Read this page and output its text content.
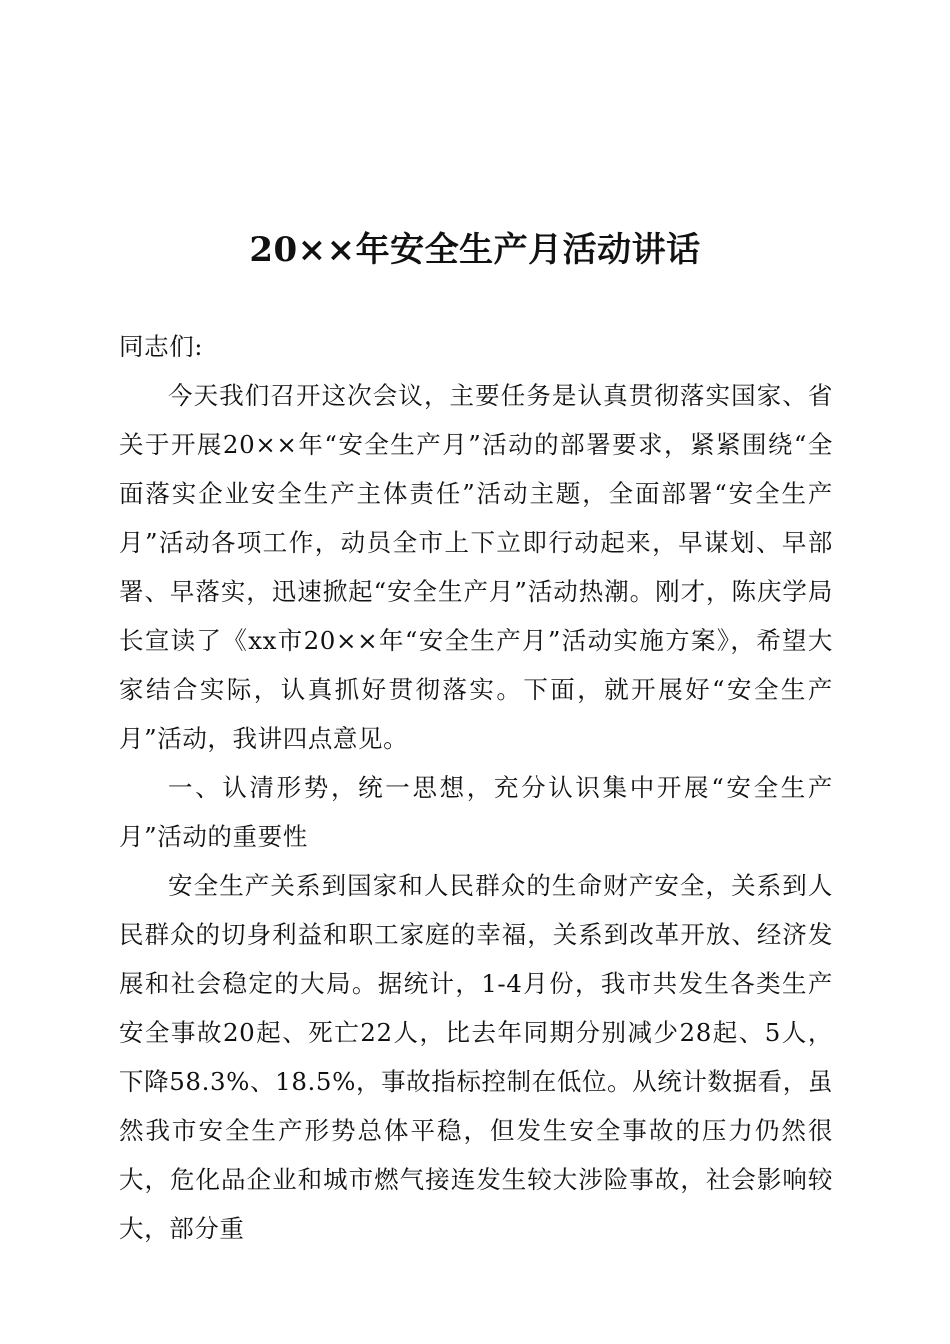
20××年安全生产月活动讲话

同志们:

今天我们召开这次会议，主要任务是认真贯彻落实国家、省关于开展20××年“安全生产月”活动的部署要求，紧紧围绕“全面落实企业安全生产主体责任”活动主题，全面部署“安全生产月”活动各项工作，动员全市上下立即行动起来，早谋划、早部署、早落实，迅速掀起“安全生产月”活动热潮。刚才，陈庆学局长宣读了《xx市20××年“安全生产月”活动实施方案》，希望大家结合实际，认真抓好贯彻落实。下面，就开展好“安全生产月”活动，我讲四点意见。

一、认清形势，统一思想，充分认识集中开展“安全生产月”活动的重要性

安全生产关系到国家和人民群众的生命财产安全，关系到人民群众的切身利益和职工家庭的幸福，关系到改革开放、经济发展和社会稳定的大局。据统计，1-4月份，我市共发生各类生产安全事故20起、死亡22人，比去年同期分别减少28起、5人，下降58.3%、18.5%，事故指标控制在低位。从统计数据看，虽然我市安全生产形势总体平稳，但发生安全事故的压力仍然很大，危化品企业和城市燃气接连发生较大涉险事故，社会影响较大，部分重
